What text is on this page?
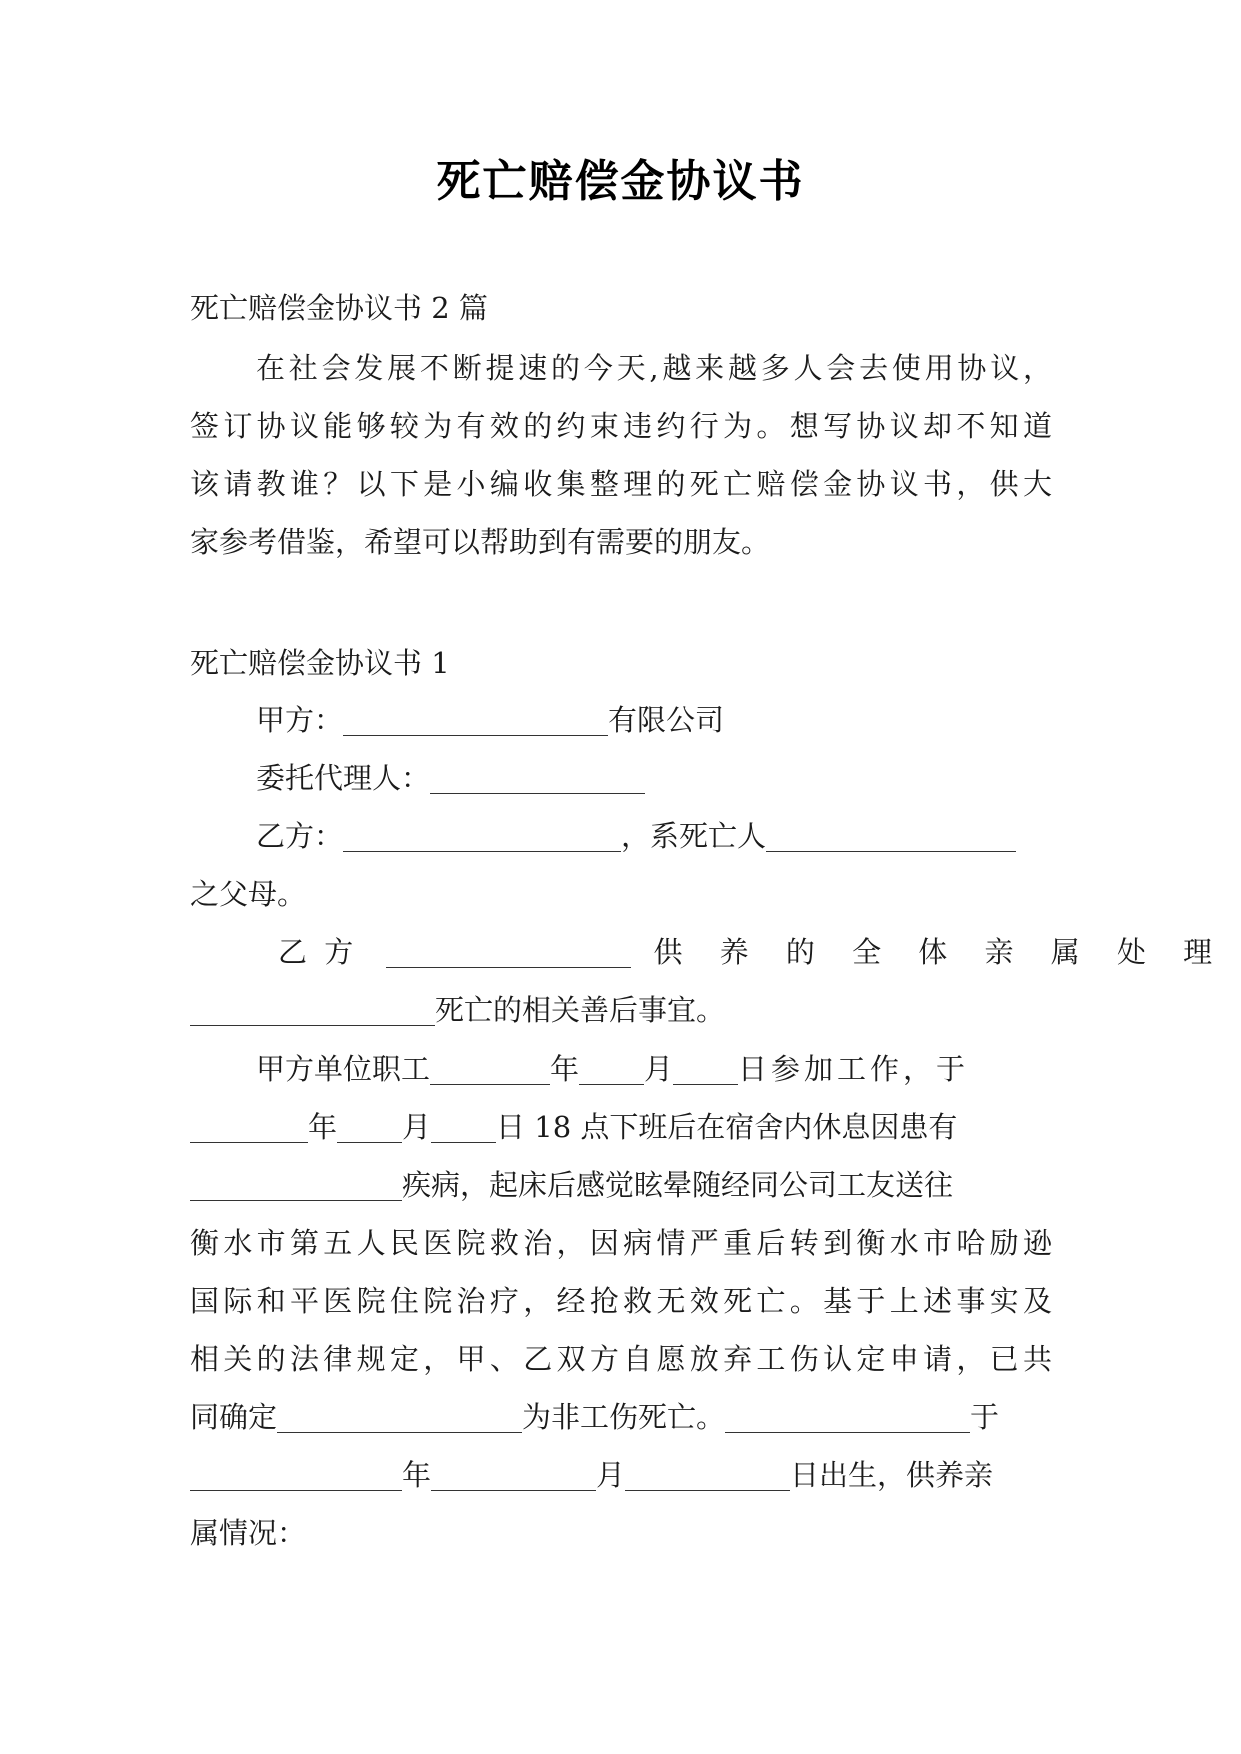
死亡赔偿金协议书
死亡赔偿金协议书 2 篇
在社会发展不断提速的今天,越来越多人会去使用协议，
签订协议能够较为有效的约束违约行为。想写协议却不知道
该请教谁？以下是小编收集整理的死亡赔偿金协议书，供大
家参考借鉴，希望可以帮助到有需要的朋友。
死亡赔偿金协议书 1
甲方：	有限公司
委托代理人：
乙方：	，系死亡人
之父母。
乙 方	供 养 的 全 体 亲 属 处 理
死亡的相关善后事宜。
甲方单位职工	年 月 日参加工作，于
年 月 日 18 点下班后在宿舍内休息因患有
疾病，起床后感觉眩晕随经同公司工友送往
衡水市第五人民医院救治，因病情严重后转到衡水市哈励逊
国际和平医院住院治疗，经抢救无效死亡。基于上述事实及
相关的法律规定，甲、乙双方自愿放弃工伤认定申请，已共
同确定	为非工伤死亡。	于
年	月	日出生，供养亲
属情况：
